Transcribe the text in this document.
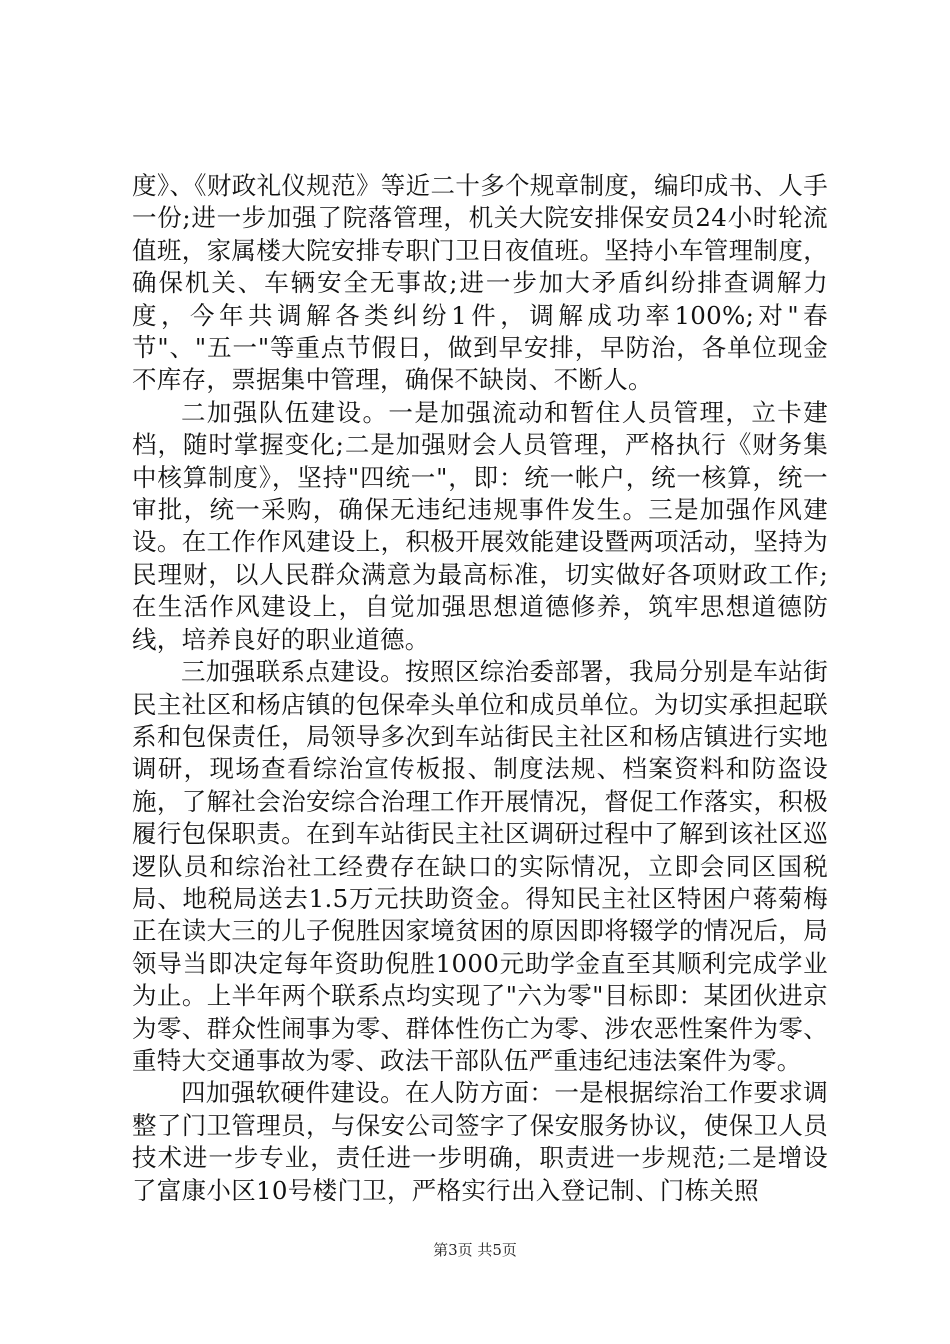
度》、《财政礼仪规范》等近二十多个规章制度，编印成书、人手一份;进一步加强了院落管理，机关大院安排保安员24小时轮流值班，家属楼大院安排专职门卫日夜值班。坚持小车管理制度，确保机关、车辆安全无事故;进一步加大矛盾纠纷排查调解力度，今年共调解各类纠纷1件，调解成功率100%;对"春节"、"五一"等重点节假日，做到早安排，早防治，各单位现金不库存，票据集中管理，确保不缺岗、不断人。

二加强队伍建设。一是加强流动和暂住人员管理，立卡建档，随时掌握变化;二是加强财会人员管理，严格执行《财务集中核算制度》，坚持"四统一"，即：统一帐户，统一核算，统一审批，统一采购，确保无违纪违规事件发生。三是加强作风建设。在工作作风建设上，积极开展效能建设暨两项活动，坚持为民理财，以人民群众满意为最高标准，切实做好各项财政工作;在生活作风建设上，自觉加强思想道德修养，筑牢思想道德防线，培养良好的职业道德。

三加强联系点建设。按照区综治委部署，我局分别是车站街民主社区和杨店镇的包保牵头单位和成员单位。为切实承担起联系和包保责任，局领导多次到车站街民主社区和杨店镇进行实地调研，现场查看综治宣传板报、制度法规、档案资料和防盗设施，了解社会治安综合治理工作开展情况，督促工作落实，积极履行包保职责。在到车站街民主社区调研过程中了解到该社区巡逻队员和综治社工经费存在缺口的实际情况，立即会同区国税局、地税局送去1.5万元扶助资金。得知民主社区特困户蒋菊梅正在读大三的儿子倪胜因家境贫困的原因即将辍学的情况后，局领导当即决定每年资助倪胜1000元助学金直至其顺利完成学业为止。上半年两个联系点均实现了"六为零"目标即：某团伙进京为零、群众性闹事为零、群体性伤亡为零、涉农恶性案件为零、重特大交通事故为零、政法干部队伍严重违纪违法案件为零。

四加强软硬件建设。在人防方面：一是根据综治工作要求调整了门卫管理员，与保安公司签字了保安服务协议，使保卫人员技术进一步专业，责任进一步明确，职责进一步规范;二是增设了富康小区10号楼门卫，严格实行出入登记制、门栋关照

第3页 共5页
